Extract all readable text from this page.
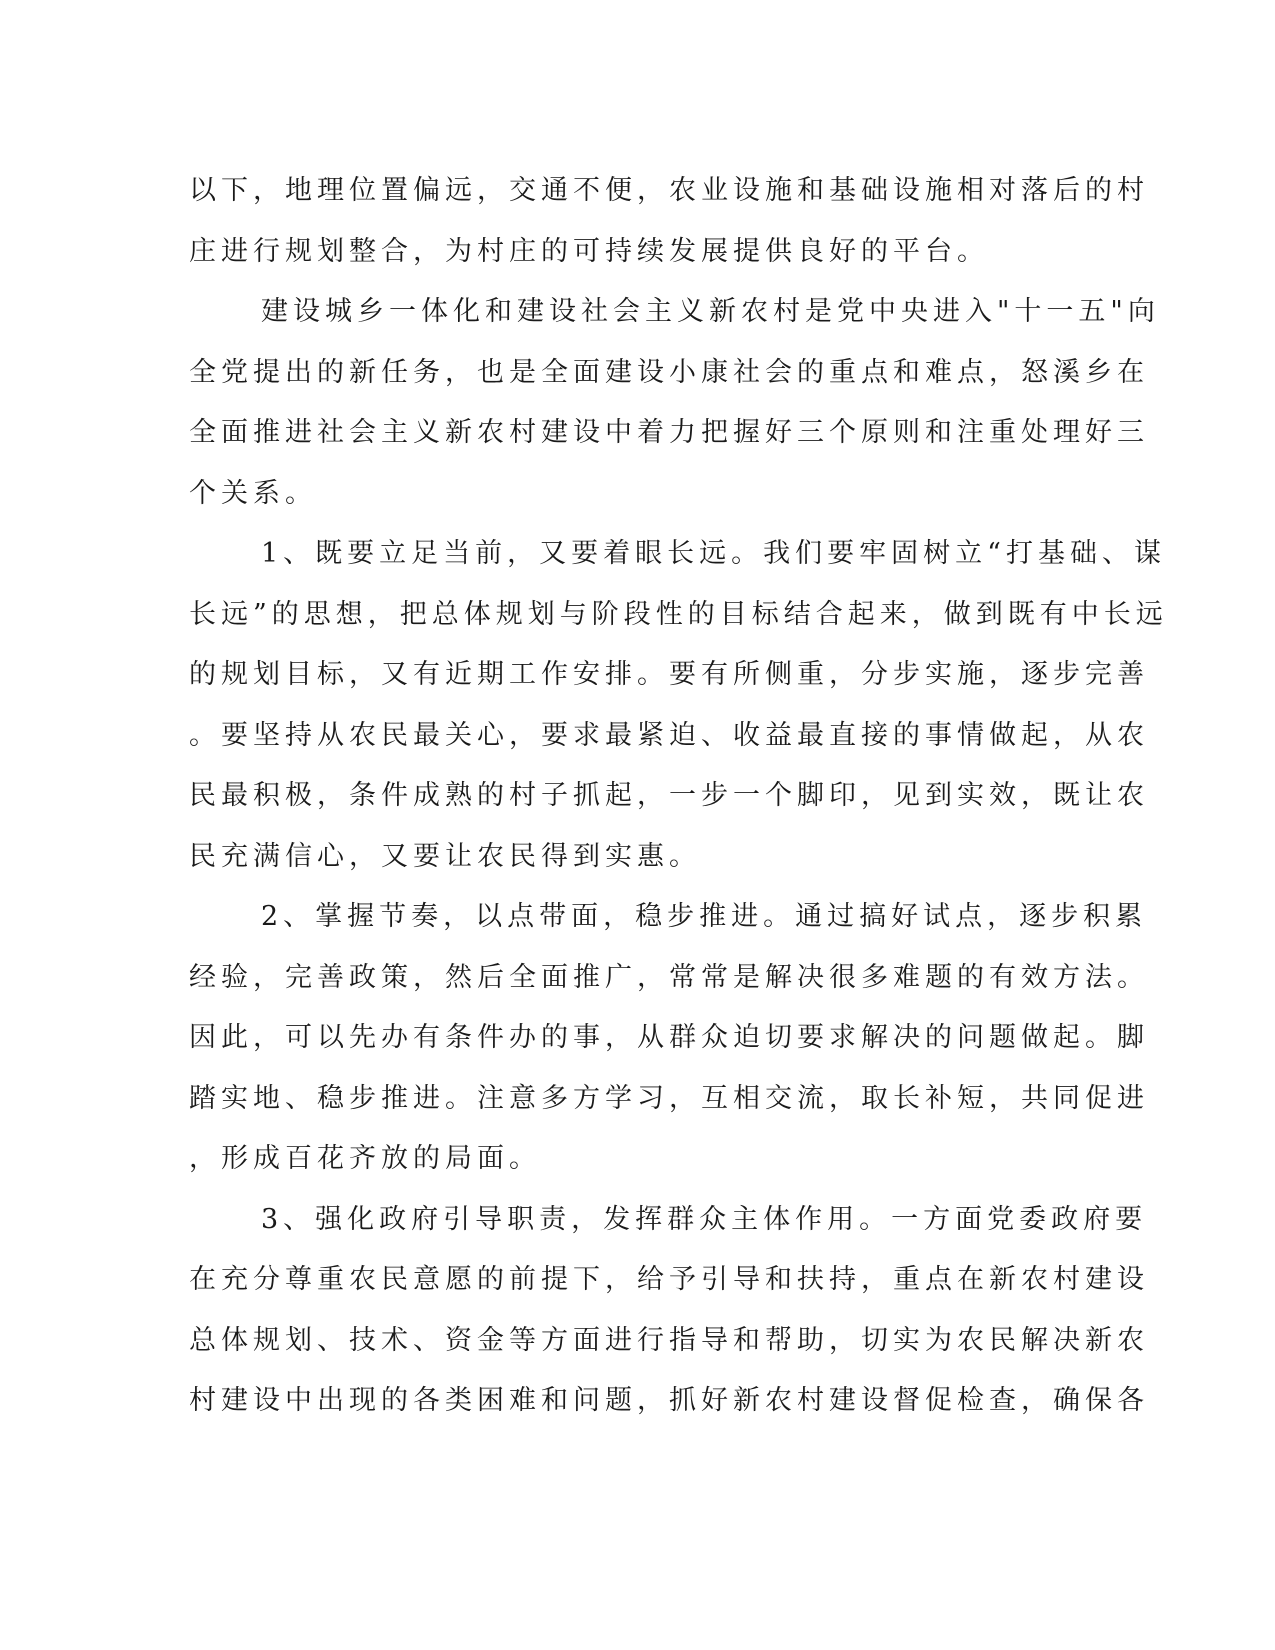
以下，地理位置偏远，交通不便，农业设施和基础设施相对落后的村
庄进行规划整合，为村庄的可持续发展提供良好的平台。

建设城乡一体化和建设社会主义新农村是党中央进入"十一五"向
全党提出的新任务，也是全面建设小康社会的重点和难点，怒溪乡在
全面推进社会主义新农村建设中着力把握好三个原则和注重处理好三
个关系。

1、既要立足当前，又要着眼长远。我们要牢固树立“打基础、谋
长远”的思想，把总体规划与阶段性的目标结合起来，做到既有中长远
的规划目标，又有近期工作安排。要有所侧重，分步实施，逐步完善
。要坚持从农民最关心，要求最紧迫、收益最直接的事情做起，从农
民最积极，条件成熟的村子抓起，一步一个脚印，见到实效，既让农
民充满信心，又要让农民得到实惠。

2、掌握节奏，以点带面，稳步推进。通过搞好试点，逐步积累
经验，完善政策，然后全面推广，常常是解决很多难题的有效方法。
因此，可以先办有条件办的事，从群众迫切要求解决的问题做起。脚
踏实地、稳步推进。注意多方学习，互相交流，取长补短，共同促进
，形成百花齐放的局面。

3、强化政府引导职责，发挥群众主体作用。一方面党委政府要
在充分尊重农民意愿的前提下，给予引导和扶持，重点在新农村建设
总体规划、技术、资金等方面进行指导和帮助，切实为农民解决新农
村建设中出现的各类困难和问题，抓好新农村建设督促检查，确保各
